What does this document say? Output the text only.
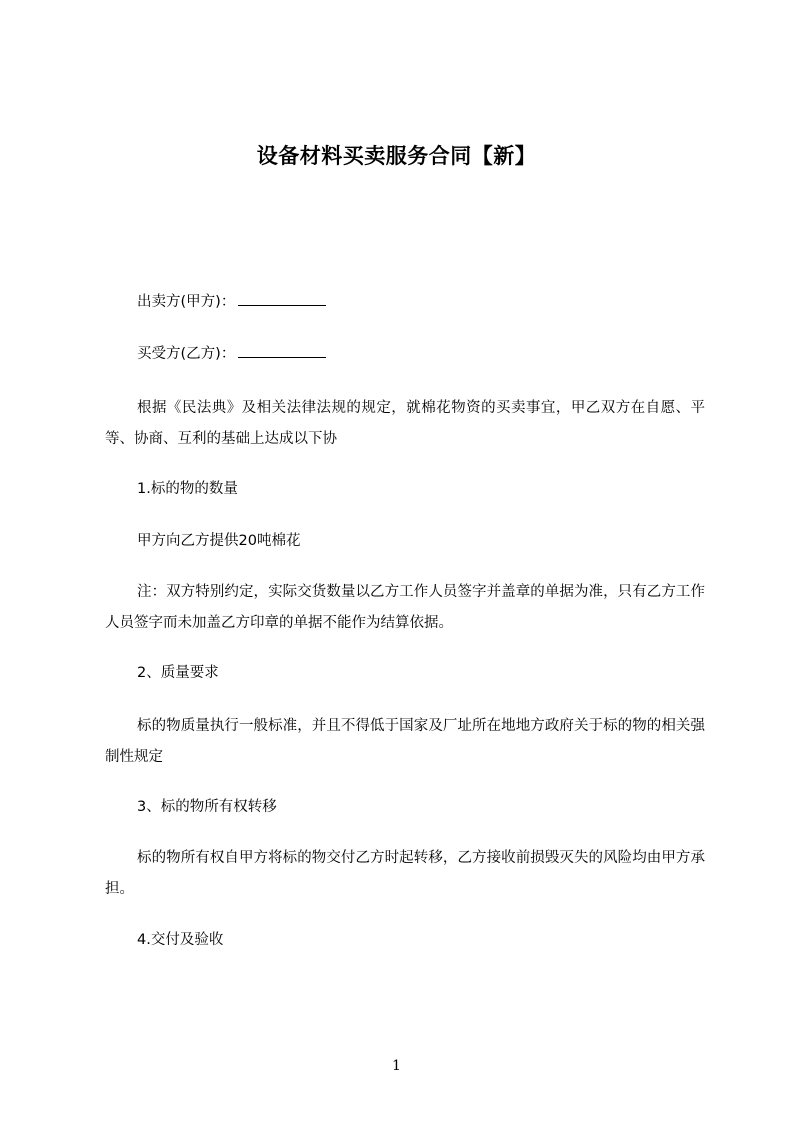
设备材料买卖服务合同【新】
出卖方(甲方)：
买受方(乙方)：
根据《民法典》及相关法律法规的规定，就棉花物资的买卖事宜，甲乙双方在自愿、平等、协商、互利的基础上达成以下协
1.标的物的数量
甲方向乙方提供20吨棉花
注：双方特别约定，实际交货数量以乙方工作人员签字并盖章的单据为准，只有乙方工作人员签字而未加盖乙方印章的单据不能作为结算依据。
2、质量要求
标的物质量执行一般标准，并且不得低于国家及厂址所在地地方政府关于标的物的相关强制性规定
3、标的物所有权转移
标的物所有权自甲方将标的物交付乙方时起转移，乙方接收前损毁灭失的风险均由甲方承担。
4.交付及验收
1
